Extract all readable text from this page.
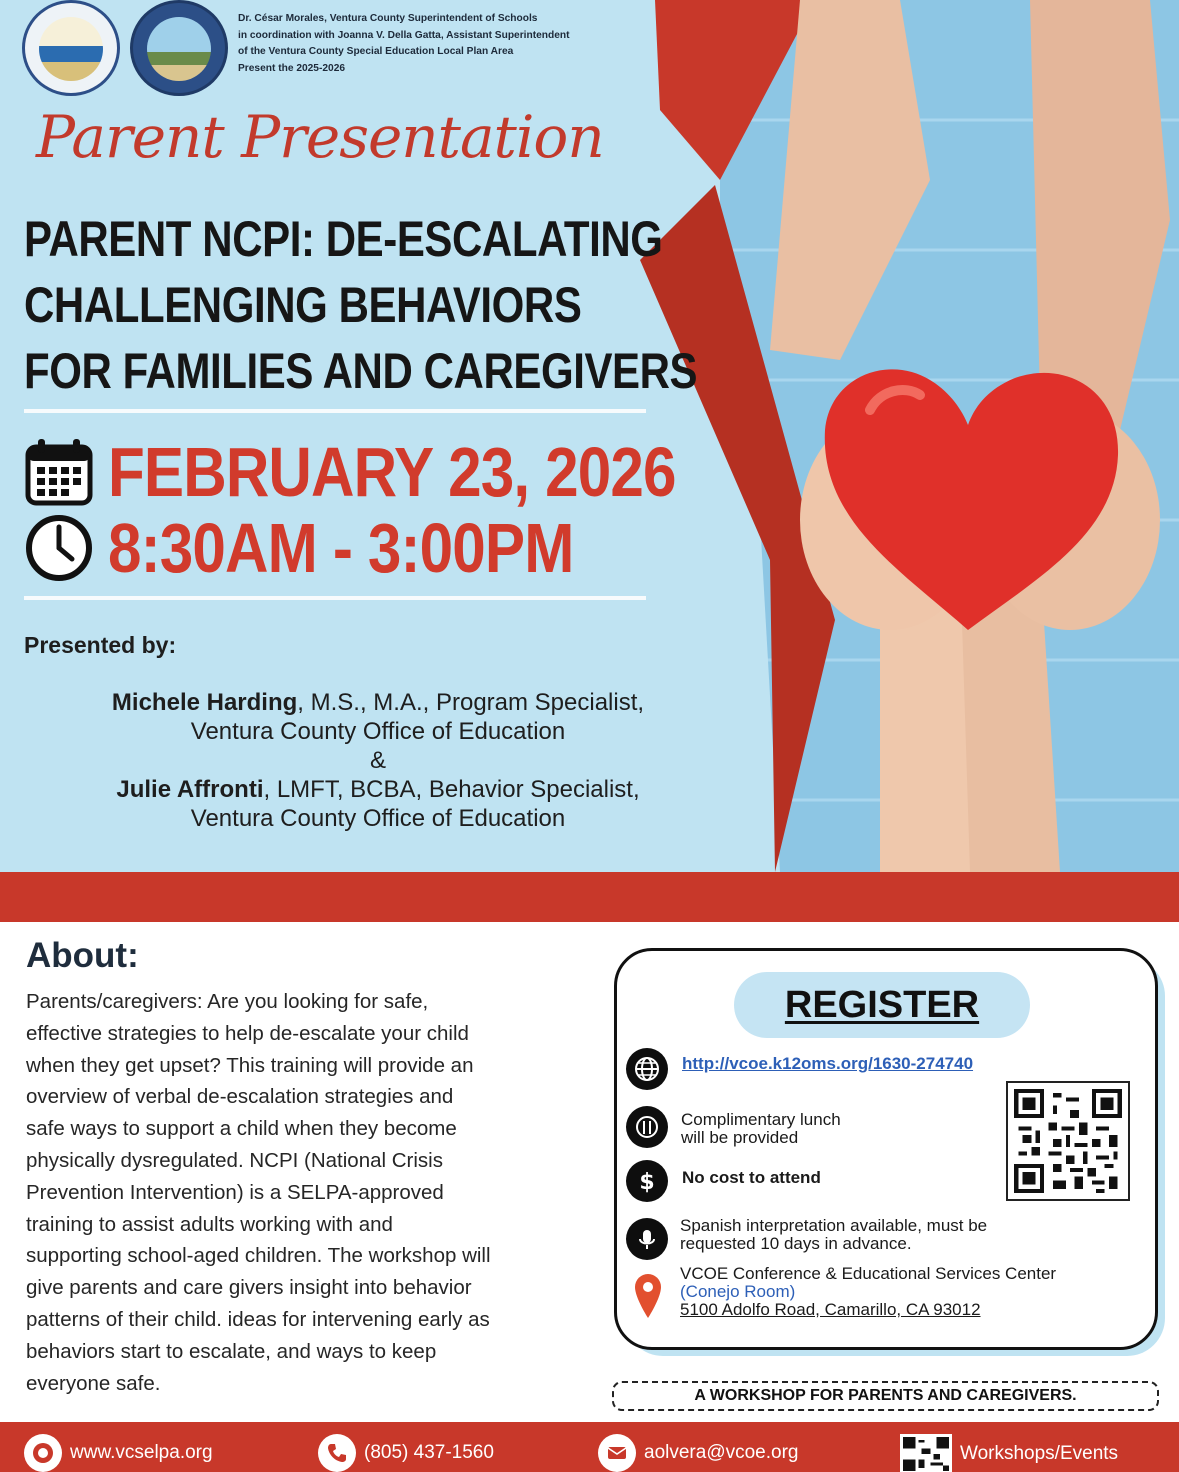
Dr. César Morales, Ventura County Superintendent of Schools
in coordination with Joanna V. Della Gatta, Assistant Superintendent
of the Ventura County Special Education Local Plan Area
Present the 2025-2026
Parent Presentation
PARENT NCPI: DE-ESCALATING
CHALLENGING BEHAVIORS
FOR FAMILIES AND CAREGIVERS
FEBRUARY 23, 2026
8:30AM - 3:00PM
Presented by:
Michele Harding, M.S., M.A., Program Specialist,
Ventura County Office of Education
&
Julie Affronti, LMFT, BCBA, Behavior Specialist,
Ventura County Office of Education
About:
Parents/caregivers: Are you looking for safe,
effective strategies to help de-escalate your child
when they get upset? This training will provide an
overview of verbal de-escalation strategies and
safe ways to support a child when they become
physically dysregulated. NCPI (National Crisis
Prevention Intervention) is a SELPA-approved
training to assist adults working with and
supporting school-aged children. The workshop will
give parents and care givers insight into behavior
patterns of their child. ideas for intervening early as
behaviors start to escalate, and ways to keep
everyone safe.
REGISTER
http://vcoe.k12oms.org/1630-274740
Complimentary lunch
will be provided
$ No cost to attend
Spanish interpretation available, must be
requested 10 days in advance.
VCOE Conference & Educational Services Center
(Conejo Room)
5100 Adolfo Road, Camarillo, CA 93012
A WORKSHOP FOR PARENTS AND CAREGIVERS.
www.vcselpa.org	(805) 437-1560	aolvera@vcoe.org	Workshops/Events
